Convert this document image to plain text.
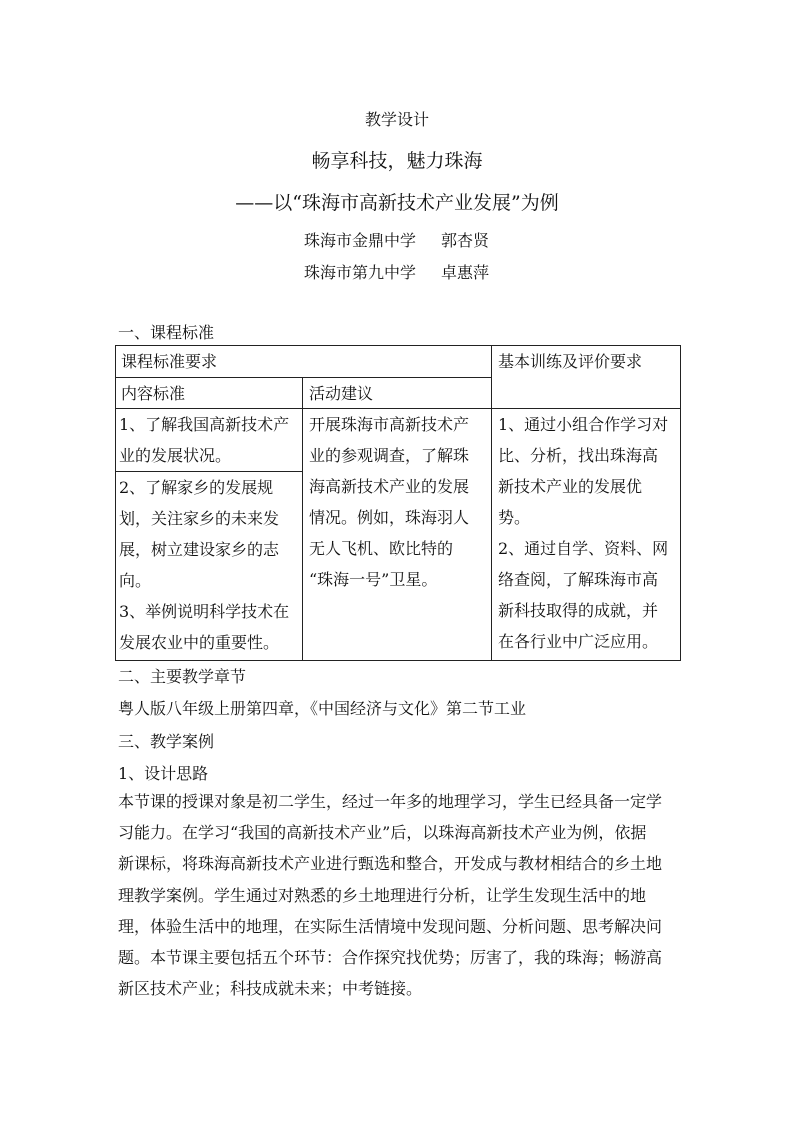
教学设计
畅享科技，魅力珠海
——以“珠海市高新技术产业发展”为例
珠海市金鼎中学 郭杏贤
珠海市第九中学 卓惠萍
一、课程标准
课程标准要求	基本训练及评价要求
内容标准	活动建议
1、了解我国高新技术产
业的发展状况。
2、了解家乡的发展规
划，关注家乡的未来发
展，树立建设家乡的志
向。
3、举例说明科学技术在
发展农业中的重要性。
开展珠海市高新技术产
业的参观调查，了解珠
海高新技术产业的发展
情况。例如，珠海羽人
无人飞机、欧比特的
“珠海一号”卫星。
1、通过小组合作学习对
比、分析，找出珠海高
新技术产业的发展优
势。
2、通过自学、资料、网
络查阅，了解珠海市高
新科技取得的成就，并
在各行业中广泛应用。
二、主要教学章节
粤人版八年级上册第四章，《中国经济与文化》第二节工业
三、教学案例
1、设计思路
本节课的授课对象是初二学生，经过一年多的地理学习，学生已经具备一定学
习能力。在学习“我国的高新技术产业”后，以珠海高新技术产业为例，依据
新课标，将珠海高新技术产业进行甄选和整合，开发成与教材相结合的乡土地
理教学案例。学生通过对熟悉的乡土地理进行分析，让学生发现生活中的地
理，体验生活中的地理，在实际生活情境中发现问题、分析问题、思考解决问
题。本节课主要包括五个环节：合作探究找优势；厉害了，我的珠海；畅游高
新区技术产业；科技成就未来；中考链接。
